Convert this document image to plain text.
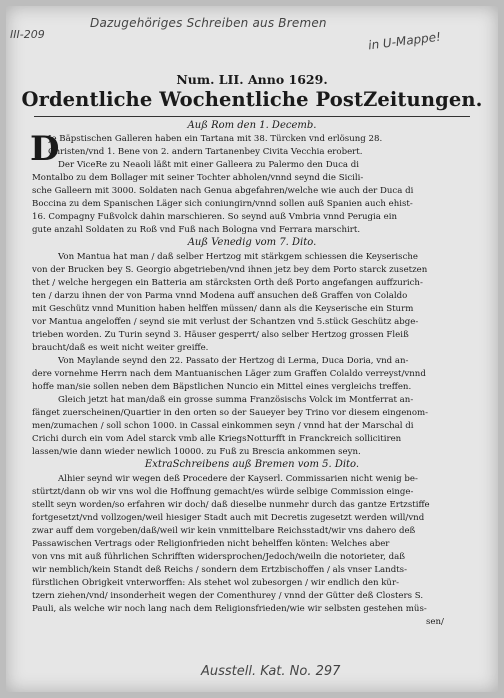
III-209
Dazugehöriges Schreiben aus Bremen
in U-Mappe!
Num. LII. Anno 1629.
Ordentliche Wochentliche PostZeitungen.
Auß Rom den 1. Decemb.
D
Je Bäpstischen Galleren haben ein Tartana mit 38. Türcken vnd erlösung 28.
Christen/vnd 1. Bene von 2. andern Tartanenbey Civita Vecchia erobert.
Der ViceRe zu Neaoli läßt mit einer Galleera zu Palermo den Duca di
Montalbo zu dem Bollager mit seiner Tochter abholen/vnnd seynd die Sicili-
sche Galleern mit 3000. Soldaten nach Genua abgefahren/welche wie auch der Duca di
Boccina zu dem Spanischen Läger sich coniungirn/vnnd sollen auß Spanien auch ehist-
16. Compagny Fußvolck dahin marschieren. So seynd auß Vmbria vnnd Perugia ein
gute anzahl Soldaten zu Roß vnd Fuß nach Bologna vnd Ferrara marschirt.
Auß Venedig vom 7. Dito.
Von Mantua hat man / daß selber Hertzog mit stärkgem schiessen die Keyserische
von der Brucken bey S. Georgio abgetrieben/vnd ihnen jetz bey dem Porto starck zusetzen
thet / welche hergegen ein Batteria am stärcksten Orth deß Porto angefangen auffzurich-
ten / darzu ihnen der von Parma vnnd Modena auff ansuchen deß Graffen von Colaldo
mit Geschütz vnnd Munition haben helffen müssen/ dann als die Keyserische ein Sturm
vor Mantua angeloffen / seynd sie mit verlust der Schantzen vnd 5.stück Geschütz abge-
trieben worden. Zu Turin seynd 3. Häuser gesperrt/ also selber Hertzog grossen Fleiß
braucht/daß es weit nicht weiter greiffe.
Von Maylande seynd den 22. Passato der Hertzog di Lerma, Duca Doria, vnd an-
dere vornehme Herrn nach dem Mantuanischen Läger zum Graffen Colaldo verreyst/vnnd
hoffe man/sie sollen neben dem Bäpstlichen Nuncio ein Mittel eines vergleichs treffen.
Gleich jetzt hat man/daß ein grosse summa Französischs Volck im Montferrat an-
fänget zuerscheinen/Quartier in den orten so der Saueyer bey Trino vor diesem eingenom-
men/zumachen / soll schon 1000. in Cassal einkommen seyn / vnnd hat der Marschal di
Crichi durch ein vom Adel starck vmb alle KriegsNotturfft in Franckreich sollicitiren
lassen/wie dann wieder newlich 10000. zu Fuß zu Brescia ankommen seyn.
ExtraSchreibens auß Bremen vom 5. Dito.
Alhier seynd wir wegen deß Procedere der Kayserl. Commissarien nicht wenig be-
stürtzt/dann ob wir vns wol die Hoffnung gemacht/es würde selbige Commission einge-
stellt seyn worden/so erfahren wir doch/ daß dieselbe nunmehr durch das gantze Ertzstiffe
fortgesetzt/vnd vollzogen/weil hiesiger Stadt auch mit Decretis zugesetzt werden will/vnd
zwar auff dem vorgeben/daß/weil wir kein vnmittelbare Reichsstadt/wir vns dahero deß
Passawischen Vertrags oder Religionfrieden nicht behelffen könten: Welches aber
von vns mit auß führlichen Schrifften widersprochen/Jedoch/weiln die notorieter, daß
wir nemblich/kein Standt deß Reichs / sondern dem Ertzbischoffen / als vnser Landts-
fürstlichen Obrigkeit vnterworffen: Als stehet wol zubesorgen / wir endlich den kür-
tzern ziehen/vnd/ insonderheit wegen der Comenthurey / vnnd der Gütter deß Closters S.
Pauli, als welche wir noch lang nach dem Religionsfrieden/wie wir selbsten gestehen müs-
sen/
Ausstell. Kat. No. 297
